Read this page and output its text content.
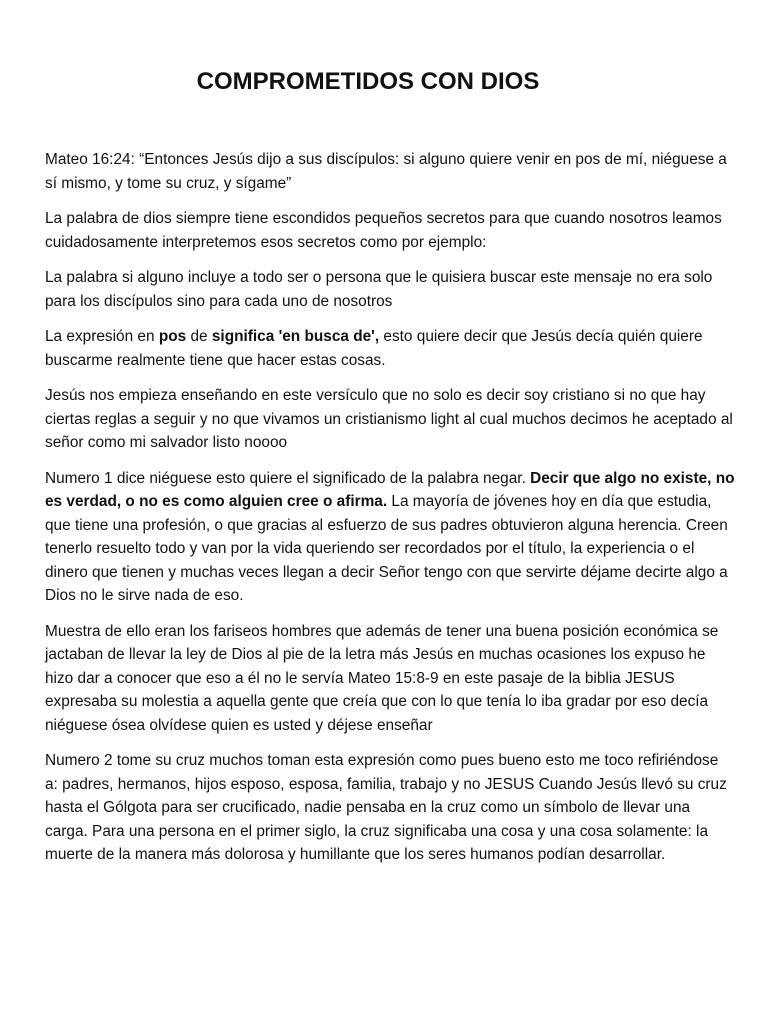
COMPROMETIDOS CON DIOS

Mateo 16:24: “Entonces Jesús dijo a sus discípulos: si alguno quiere venir en pos de mí, niéguese a sí mismo, y tome su cruz, y sígame”

La palabra de dios siempre tiene escondidos pequeños secretos para que cuando nosotros leamos cuidadosamente interpretemos esos secretos como por ejemplo:

La palabra si alguno incluye a todo ser o persona que le quisiera buscar este mensaje no era solo para los discípulos sino para cada uno de nosotros

La expresión en pos de significa 'en busca de', esto quiere decir que Jesús decía quién quiere buscarme realmente tiene que hacer estas cosas.

Jesús nos empieza enseñando en este versículo que no solo es decir soy cristiano si no que hay ciertas reglas a seguir y no que vivamos un cristianismo light al cual muchos decimos he aceptado al señor como mi salvador listo noooo

Numero 1 dice niéguese esto quiere el significado de la palabra negar. Decir que algo no existe, no es verdad, o no es como alguien cree o afirma. La mayoría de jóvenes hoy en día que estudia, que tiene una profesión, o que gracias al esfuerzo de sus padres obtuvieron alguna herencia. Creen tenerlo resuelto todo y van por la vida queriendo ser recordados por el título, la experiencia o el dinero que tienen y muchas veces llegan a decir Señor tengo con que servirte déjame decirte algo a Dios no le sirve nada de eso.

Muestra de ello eran los fariseos hombres que además de tener una buena posición económica se jactaban de llevar la ley de Dios al pie de la letra más Jesús en muchas ocasiones los expuso he hizo dar a conocer que eso a él no le servía Mateo 15:8-9 en este pasaje de la biblia JESUS expresaba su molestia a aquella gente que creía que con lo que tenía lo iba gradar por eso decía niéguese ósea olvídese quien es usted y déjese enseñar

Numero 2 tome su cruz muchos toman esta expresión como pues bueno esto me toco refiriéndose a: padres, hermanos, hijos esposo, esposa, familia, trabajo y no JESUS Cuando Jesús llevó su cruz hasta el Gólgota para ser crucificado, nadie pensaba en la cruz como un símbolo de llevar una carga. Para una persona en el primer siglo, la cruz significaba una cosa y una cosa solamente: la muerte de la manera más dolorosa y humillante que los seres humanos podían desarrollar.
